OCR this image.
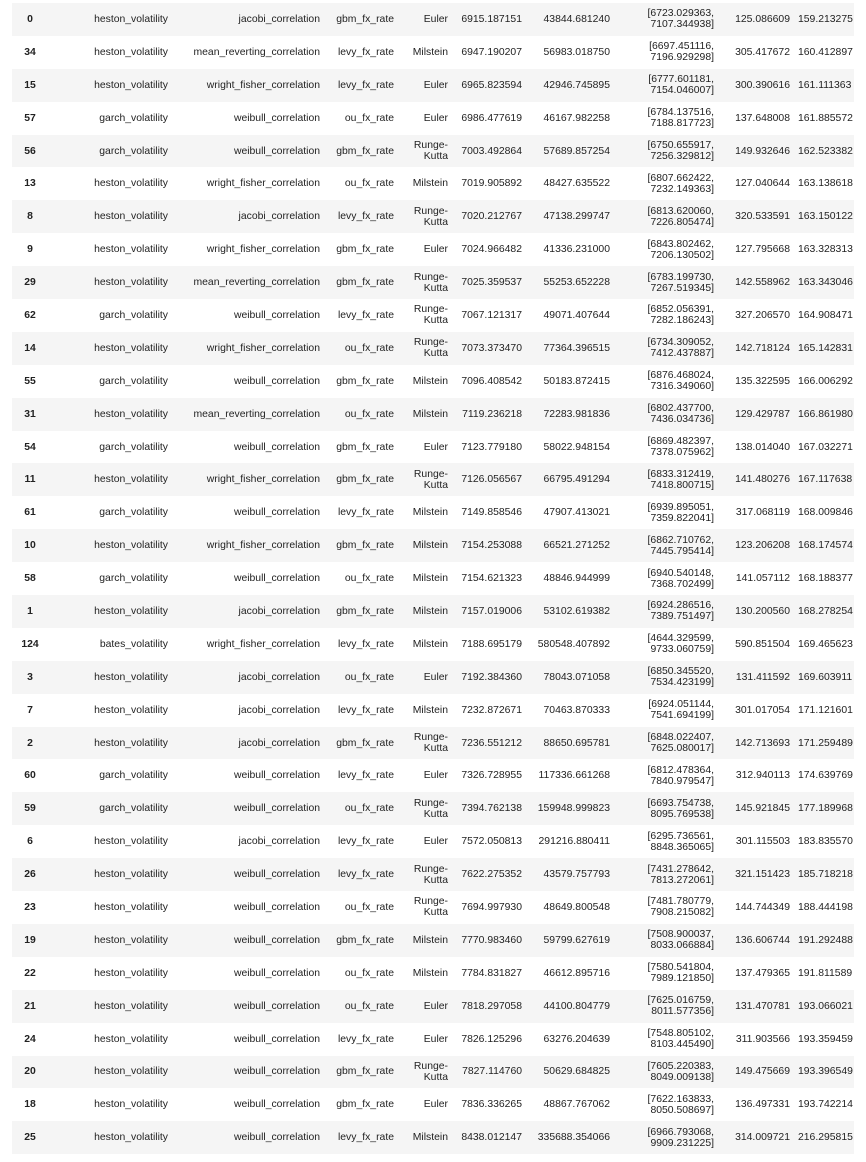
0	heston_volatility	jacobi_correlation	gbm_fx_rate	Euler	6915.187151	43844.681240	[6723.029363, 7107.344938]	125.086609	159.213275
34	heston_volatility	mean_reverting_correlation	levy_fx_rate	Milstein	6947.190207	56983.018750	[6697.451116, 7196.929298]	305.417672	160.412897
15	heston_volatility	wright_fisher_correlation	levy_fx_rate	Euler	6965.823594	42946.745895	[6777.601181, 7154.046007]	300.390616	161.111363
57	garch_volatility	weibull_correlation	ou_fx_rate	Euler	6986.477619	46167.982258	[6784.137516, 7188.817723]	137.648008	161.885572
56	garch_volatility	weibull_correlation	gbm_fx_rate	Runge-Kutta	7003.492864	57689.857254	[6750.655917, 7256.329812]	149.932646	162.523382
13	heston_volatility	wright_fisher_correlation	ou_fx_rate	Milstein	7019.905892	48427.635522	[6807.662422, 7232.149363]	127.040644	163.138618
8	heston_volatility	jacobi_correlation	levy_fx_rate	Runge-Kutta	7020.212767	47138.299747	[6813.620060, 7226.805474]	320.533591	163.150122
9	heston_volatility	wright_fisher_correlation	gbm_fx_rate	Euler	7024.966482	41336.231000	[6843.802462, 7206.130502]	127.795668	163.328313
29	heston_volatility	mean_reverting_correlation	gbm_fx_rate	Runge-Kutta	7025.359537	55253.652228	[6783.199730, 7267.519345]	142.558962	163.343046
62	garch_volatility	weibull_correlation	levy_fx_rate	Runge-Kutta	7067.121317	49071.407644	[6852.056391, 7282.186243]	327.206570	164.908471
14	heston_volatility	wright_fisher_correlation	ou_fx_rate	Runge-Kutta	7073.373470	77364.396515	[6734.309052, 7412.437887]	142.718124	165.142831
55	garch_volatility	weibull_correlation	gbm_fx_rate	Milstein	7096.408542	50183.872415	[6876.468024, 7316.349060]	135.322595	166.006292
31	heston_volatility	mean_reverting_correlation	ou_fx_rate	Milstein	7119.236218	72283.981836	[6802.437700, 7436.034736]	129.429787	166.861980
54	garch_volatility	weibull_correlation	gbm_fx_rate	Euler	7123.779180	58022.948154	[6869.482397, 7378.075962]	138.014040	167.032271
11	heston_volatility	wright_fisher_correlation	gbm_fx_rate	Runge-Kutta	7126.056567	66795.491294	[6833.312419, 7418.800715]	141.480276	167.117638
61	garch_volatility	weibull_correlation	levy_fx_rate	Milstein	7149.858546	47907.413021	[6939.895051, 7359.822041]	317.068119	168.009846
10	heston_volatility	wright_fisher_correlation	gbm_fx_rate	Milstein	7154.253088	66521.271252	[6862.710762, 7445.795414]	123.206208	168.174574
58	garch_volatility	weibull_correlation	ou_fx_rate	Milstein	7154.621323	48846.944999	[6940.540148, 7368.702499]	141.057112	168.188377
1	heston_volatility	jacobi_correlation	gbm_fx_rate	Milstein	7157.019006	53102.619382	[6924.286516, 7389.751497]	130.200560	168.278254
124	bates_volatility	wright_fisher_correlation	levy_fx_rate	Milstein	7188.695179	580548.407892	[4644.329599, 9733.060759]	590.851504	169.465623
3	heston_volatility	jacobi_correlation	ou_fx_rate	Euler	7192.384360	78043.071058	[6850.345520, 7534.423199]	131.411592	169.603911
7	heston_volatility	jacobi_correlation	levy_fx_rate	Milstein	7232.872671	70463.870333	[6924.051144, 7541.694199]	301.017054	171.121601
2	heston_volatility	jacobi_correlation	gbm_fx_rate	Runge-Kutta	7236.551212	88650.695781	[6848.022407, 7625.080017]	142.713693	171.259489
60	garch_volatility	weibull_correlation	levy_fx_rate	Euler	7326.728955	117336.661268	[6812.478364, 7840.979547]	312.940113	174.639769
59	garch_volatility	weibull_correlation	ou_fx_rate	Runge-Kutta	7394.762138	159948.999823	[6693.754738, 8095.769538]	145.921845	177.189968
6	heston_volatility	jacobi_correlation	levy_fx_rate	Euler	7572.050813	291216.880411	[6295.736561, 8848.365065]	301.115503	183.835570
26	heston_volatility	weibull_correlation	levy_fx_rate	Runge-Kutta	7622.275352	43579.757793	[7431.278642, 7813.272061]	321.151423	185.718218
23	heston_volatility	weibull_correlation	ou_fx_rate	Runge-Kutta	7694.997930	48649.800548	[7481.780779, 7908.215082]	144.744349	188.444198
19	heston_volatility	weibull_correlation	gbm_fx_rate	Milstein	7770.983460	59799.627619	[7508.900037, 8033.066884]	136.606744	191.292488
22	heston_volatility	weibull_correlation	ou_fx_rate	Milstein	7784.831827	46612.895716	[7580.541804, 7989.121850]	137.479365	191.811589
21	heston_volatility	weibull_correlation	ou_fx_rate	Euler	7818.297058	44100.804779	[7625.016759, 8011.577356]	131.470781	193.066021
24	heston_volatility	weibull_correlation	levy_fx_rate	Euler	7826.125296	63276.204639	[7548.805102, 8103.445490]	311.903566	193.359459
20	heston_volatility	weibull_correlation	gbm_fx_rate	Runge-Kutta	7827.114760	50629.684825	[7605.220383, 8049.009138]	149.475669	193.396549
18	heston_volatility	weibull_correlation	gbm_fx_rate	Euler	7836.336265	48867.767062	[7622.163833, 8050.508697]	136.497331	193.742214
25	heston_volatility	weibull_correlation	levy_fx_rate	Milstein	8438.012147	335688.354066	[6966.793068, 9909.231225]	314.009721	216.295815
